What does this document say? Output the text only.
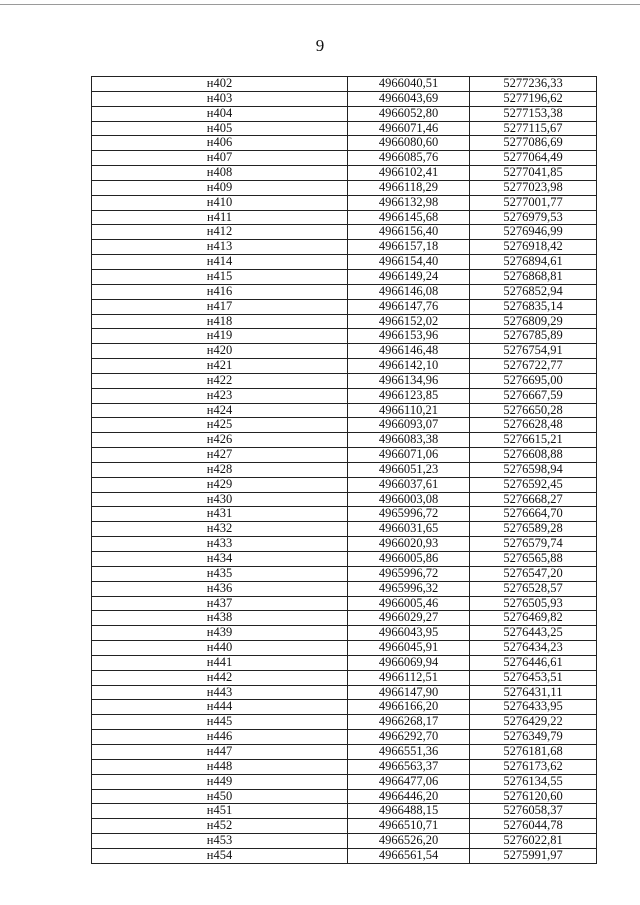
9
н402	4966040,51	5277236,33
н403	4966043,69	5277196,62
н404	4966052,80	5277153,38
н405	4966071,46	5277115,67
н406	4966080,60	5277086,69
н407	4966085,76	5277064,49
н408	4966102,41	5277041,85
н409	4966118,29	5277023,98
н410	4966132,98	5277001,77
н411	4966145,68	5276979,53
н412	4966156,40	5276946,99
н413	4966157,18	5276918,42
н414	4966154,40	5276894,61
н415	4966149,24	5276868,81
н416	4966146,08	5276852,94
н417	4966147,76	5276835,14
н418	4966152,02	5276809,29
н419	4966153,96	5276785,89
н420	4966146,48	5276754,91
н421	4966142,10	5276722,77
н422	4966134,96	5276695,00
н423	4966123,85	5276667,59
н424	4966110,21	5276650,28
н425	4966093,07	5276628,48
н426	4966083,38	5276615,21
н427	4966071,06	5276608,88
н428	4966051,23	5276598,94
н429	4966037,61	5276592,45
н430	4966003,08	5276668,27
н431	4965996,72	5276664,70
н432	4966031,65	5276589,28
н433	4966020,93	5276579,74
н434	4966005,86	5276565,88
н435	4965996,72	5276547,20
н436	4965996,32	5276528,57
н437	4966005,46	5276505,93
н438	4966029,27	5276469,82
н439	4966043,95	5276443,25
н440	4966045,91	5276434,23
н441	4966069,94	5276446,61
н442	4966112,51	5276453,51
н443	4966147,90	5276431,11
н444	4966166,20	5276433,95
н445	4966268,17	5276429,22
н446	4966292,70	5276349,79
н447	4966551,36	5276181,68
н448	4966563,37	5276173,62
н449	4966477,06	5276134,55
н450	4966446,20	5276120,60
н451	4966488,15	5276058,37
н452	4966510,71	5276044,78
н453	4966526,20	5276022,81
н454	4966561,54	5275991,97
